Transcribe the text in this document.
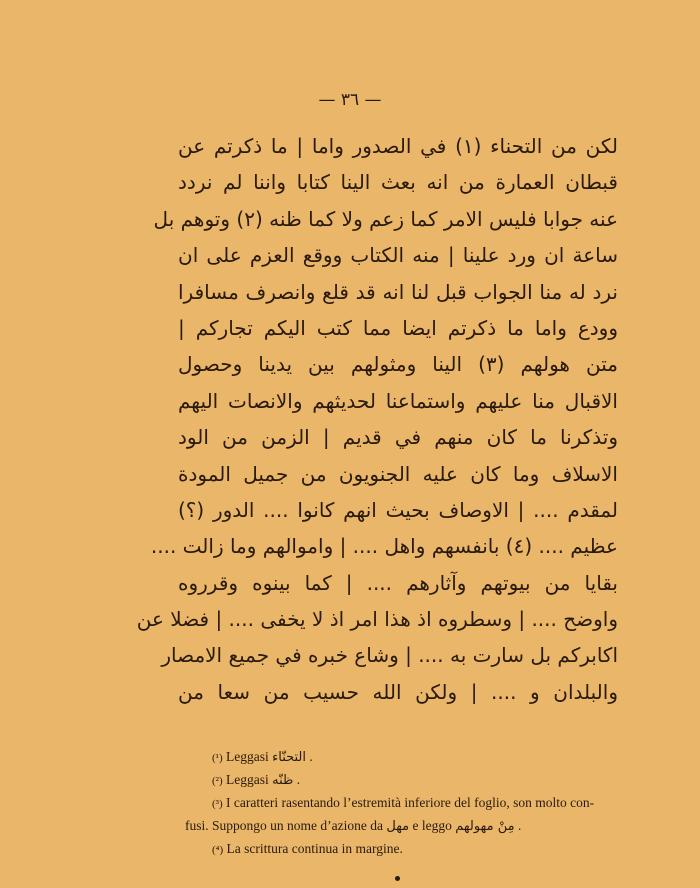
— ٣٦ —
لكن من التحناء (١) في الصدور واما | ما ذكرتم عن
قبطان العمارة من انه بعث الينا كتابا واننا لم نردد
عنه جوابا فليس الامر كما زعم ولا كما ظنه (٢) وتوهم بل
ساعة ان ورد علينا | منه الكتاب ووقع العزم على ان
نرد له منا الجواب قبل لنا انه قد قلع وانصرف مسافرا
وودع واما ما ذكرتم ايضا مما كتب اليكم تجاركم |
متن هولهم (٣) الينا ومثولهم بين يدينا وحصول
الاقبال منا عليهم واستماعنا لحديثهم والانصات اليهم
وتذكرنا ما كان منهم في قديم | الزمن من الود
الاسلاف وما كان عليه الجنويون من جميل المودة
لمقدم .... | الاوصاف بحيث انهم كانوا .... الدور (؟)
عظيم .... (٤) بانفسهم واهل .... | واموالهم وما زالت ....
بقايا من بيوتهم وآثارهم .... | كما بينوه وقرروه
واوضح .... | وسطروه اذ هذا امر اذ لا يخفى .... | فضلا عن
اكابركم بل سارت به .... | وشاع خبره في جميع الامصار
والبلدان و .... | ولكن الله حسيب من سعا من

(¹) Leggasi التحنّاء .

(²) Leggasi ظنّه .

(³) I caratteri rasentando l’estremità inferiore del foglio, son molto con-

fusi. Suppongo un nome d’azione da مهل e leggo مِنْ مهولهم .

(⁴) La scrittura continua in margine.
